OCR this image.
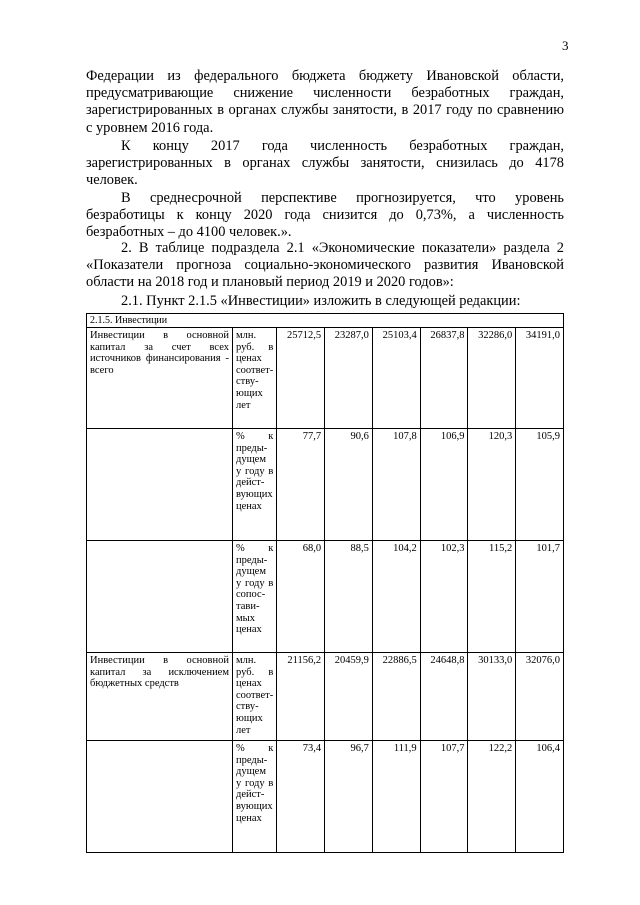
3

Федерации из федерального бюджета бюджету Ивановской области, предусматривающие снижение численности безработных граждан, зарегистрированных в органах службы занятости, в 2017 году по сравнению с уровнем 2016 года.

К концу 2017 года численность безработных граждан, зарегистрированных в органах службы занятости, снизилась до 4178 человек.

В среднесрочной перспективе прогнозируется, что уровень безработицы к концу 2020 года снизится до 0,73%, а численность безработных – до 4100 человек.».

2. В таблице подраздела 2.1 «Экономические показатели» раздела 2 «Показатели прогноза социально-экономического развития Ивановской области на 2018 год и плановый период 2019 и 2020 годов»:

2.1. Пункт 2.1.5 «Инвестиции» изложить в следующей редакции:

2.1.5. Инвестиции							
Инвестиции в основной капитал за счет всех источников финансирования - всего	млн. руб. в ценах соответствующих лет	25712,5	23287,0	25103,4	26837,8	32286,0	34191,0
	% к предыдущем у году в действующих ценах	77,7	90,6	107,8	106,9	120,3	105,9
	% к предыдущем у году в сопоставимых ценах	68,0	88,5	104,2	102,3	115,2	101,7
Инвестиции в основной капитал за исключением бюджетных средств	млн. руб. в ценах соответствующих лет	21156,2	20459,9	22886,5	24648,8	30133,0	32076,0
	% к предыдущем у году в действующих ценах	73,4	96,7	111,9	107,7	122,2	106,4
